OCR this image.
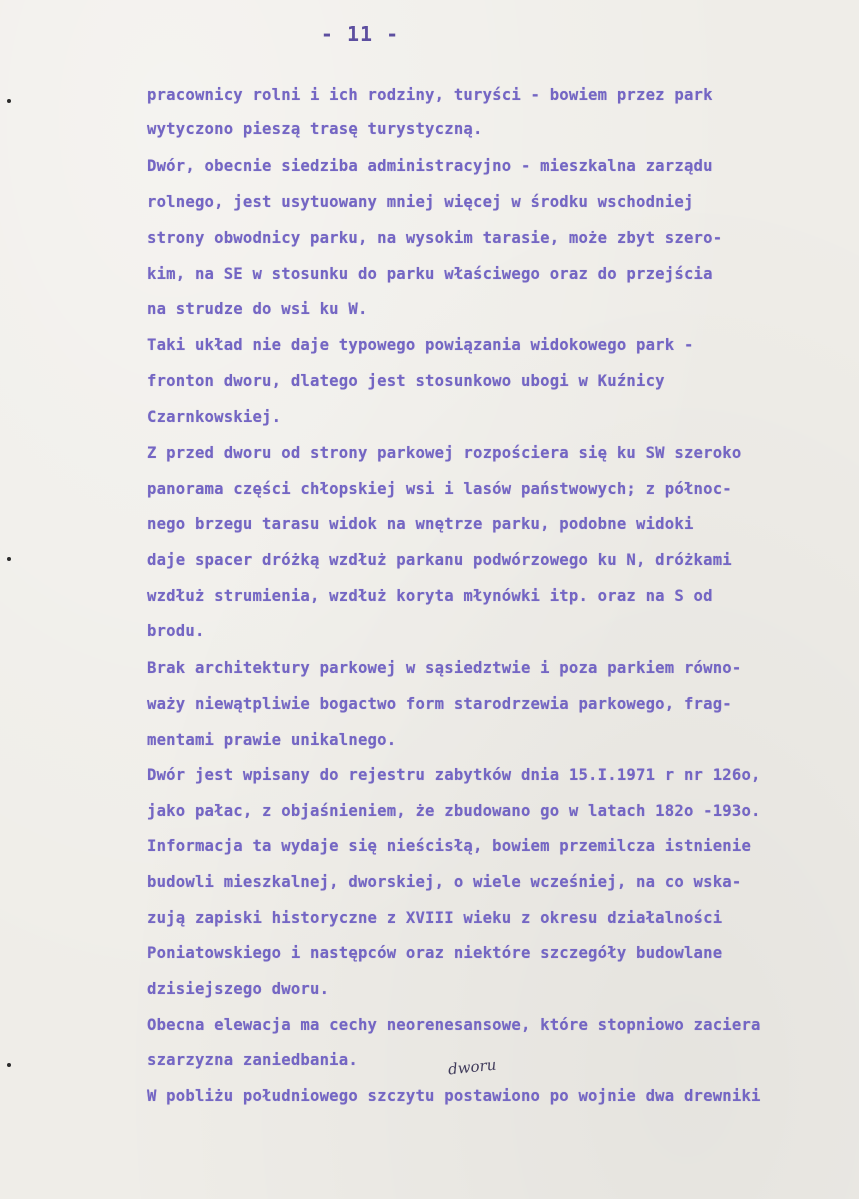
- 11 -
pracownicy rolni i ich rodziny, turyści - bowiem przez park
wytyczono pieszą trasę turystyczną.
Dwór, obecnie siedziba administracyjno - mieszkalna zarządu
rolnego, jest usytuowany mniej więcej w środku wschodniej
strony obwodnicy parku, na wysokim tarasie, może zbyt szero-
kim, na SE w stosunku do parku właściwego oraz do przejścia
na strudze do wsi ku W.
Taki układ nie daje typowego powiązania widokowego park -
fronton dworu, dlatego jest stosunkowo ubogi w Kuźnicy
Czarnkowskiej.
Z przed dworu od strony parkowej rozpościera się ku SW szeroko
panorama części chłopskiej wsi i lasów państwowych; z północ-
nego brzegu tarasu widok na wnętrze parku, podobne widoki
daje spacer dróżką wzdłuż parkanu podwórzowego ku N, dróżkami
wzdłuż strumienia, wzdłuż koryta młynówki itp. oraz na S od
brodu.
Brak architektury parkowej w sąsiedztwie i poza parkiem równo-
waży niewątpliwie bogactwo form starodrzewia parkowego, frag-
mentami prawie unikalnego.
Dwór jest wpisany do rejestru zabytków dnia 15.I.1971 r nr 126o,
jako pałac, z objaśnieniem, że zbudowano go w latach 182o -193o.
Informacja ta wydaje się nieścisłą, bowiem przemilcza istnienie
budowli mieszkalnej, dworskiej, o wiele wcześniej, na co wska-
zują zapiski historyczne z XVIII wieku z okresu działalności
Poniatowskiego i następców oraz niektóre szczegóły budowlane
dzisiejszego dworu.
Obecna elewacja ma cechy neorenesansowe, które stopniowo zaciera
szarzyzna zaniedbania.
W pobliżu południowego szczytu postawiono po wojnie dwa drewniki
dworu
